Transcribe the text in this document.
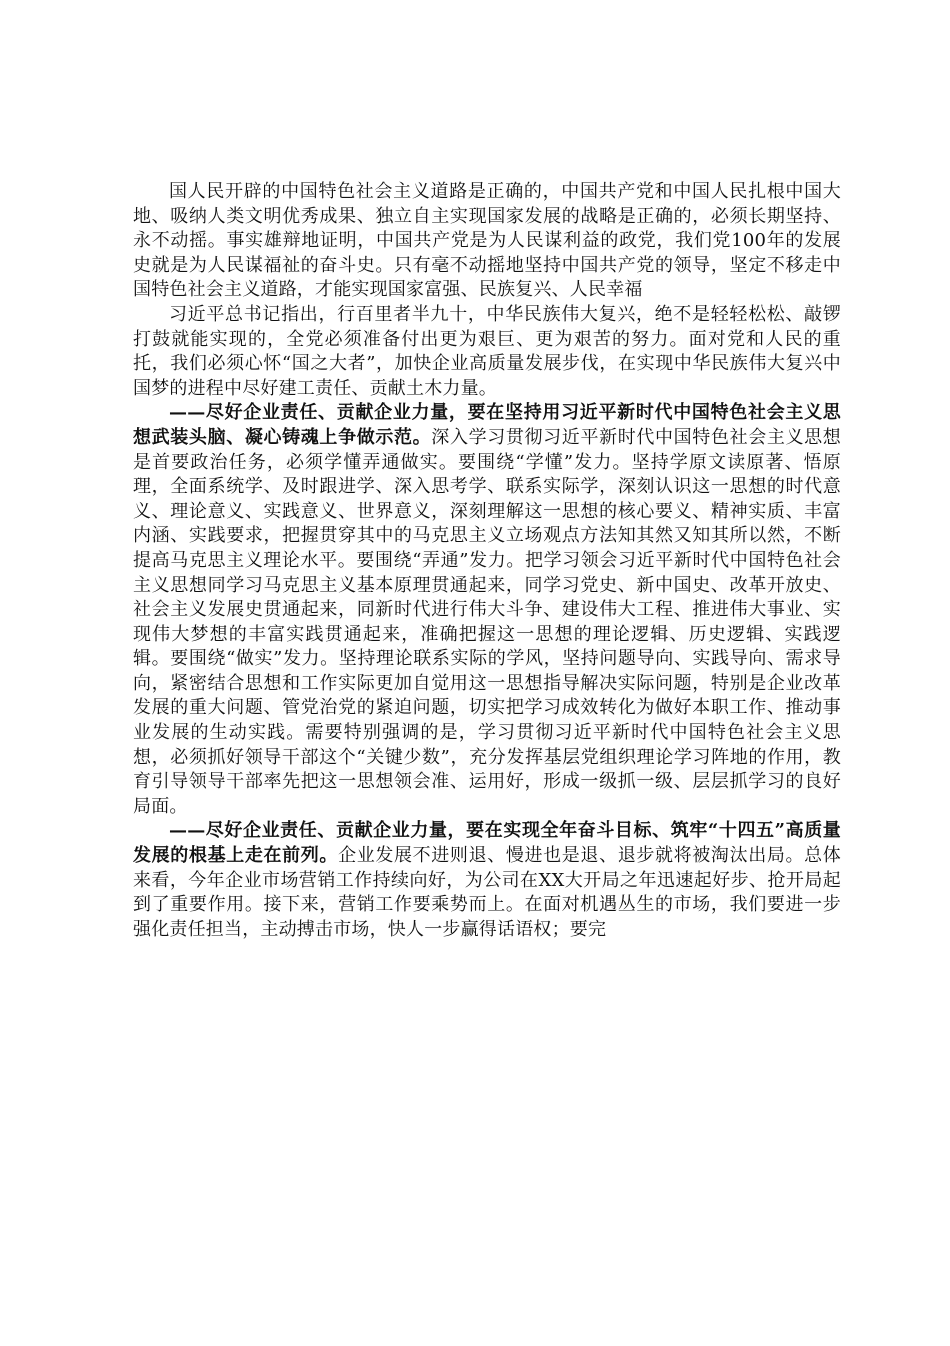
国人民开辟的中国特色社会主义道路是正确的，中国共产党和中国人民扎根中国大地、吸纳人类文明优秀成果、独立自主实现国家发展的战略是正确的，必须长期坚持、永不动摇。事实雄辩地证明，中国共产党是为人民谋利益的政党，我们党100年的发展史就是为人民谋福祉的奋斗史。只有毫不动摇地坚持中国共产党的领导，坚定不移走中国特色社会主义道路，才能实现国家富强、民族复兴、人民幸福

习近平总书记指出，行百里者半九十，中华民族伟大复兴，绝不是轻轻松松、敲锣打鼓就能实现的，全党必须准备付出更为艰巨、更为艰苦的努力。面对党和人民的重托，我们必须心怀“国之大者”，加快企业高质量发展步伐，在实现中华民族伟大复兴中国梦的进程中尽好建工责任、贡献土木力量。

——尽好企业责任、贡献企业力量，要在坚持用习近平新时代中国特色社会主义思想武装头脑、凝心铸魂上争做示范。深入学习贯彻习近平新时代中国特色社会主义思想是首要政治任务，必须学懂弄通做实。要围绕“学懂”发力。坚持学原文读原著、悟原理，全面系统学、及时跟进学、深入思考学、联系实际学，深刻认识这一思想的时代意义、理论意义、实践意义、世界意义，深刻理解这一思想的核心要义、精神实质、丰富内涵、实践要求，把握贯穿其中的马克思主义立场观点方法知其然又知其所以然，不断提高马克思主义理论水平。要围绕“弄通”发力。把学习领会习近平新时代中国特色社会主义思想同学习马克思主义基本原理贯通起来，同学习党史、新中国史、改革开放史、社会主义发展史贯通起来，同新时代进行伟大斗争、建设伟大工程、推进伟大事业、实现伟大梦想的丰富实践贯通起来，准确把握这一思想的理论逻辑、历史逻辑、实践逻辑。要围绕“做实”发力。坚持理论联系实际的学风，坚持问题导向、实践导向、需求导向，紧密结合思想和工作实际更加自觉用这一思想指导解决实际问题，特别是企业改革发展的重大问题、管党治党的紧迫问题，切实把学习成效转化为做好本职工作、推动事业发展的生动实践。需要特别强调的是，学习贯彻习近平新时代中国特色社会主义思想，必须抓好领导干部这个“关键少数”，充分发挥基层党组织理论学习阵地的作用，教育引导领导干部率先把这一思想领会准、运用好，形成一级抓一级、层层抓学习的良好局面。

——尽好企业责任、贡献企业力量，要在实现全年奋斗目标、筑牢“十四五”高质量发展的根基上走在前列。企业发展不进则退、慢进也是退、退步就将被淘汰出局。总体来看，今年企业市场营销工作持续向好，为公司在XX大开局之年迅速起好步、抢开局起到了重要作用。接下来，营销工作要乘势而上。在面对机遇丛生的市场，我们要进一步强化责任担当，主动搏击市场，快人一步赢得话语权；要完
